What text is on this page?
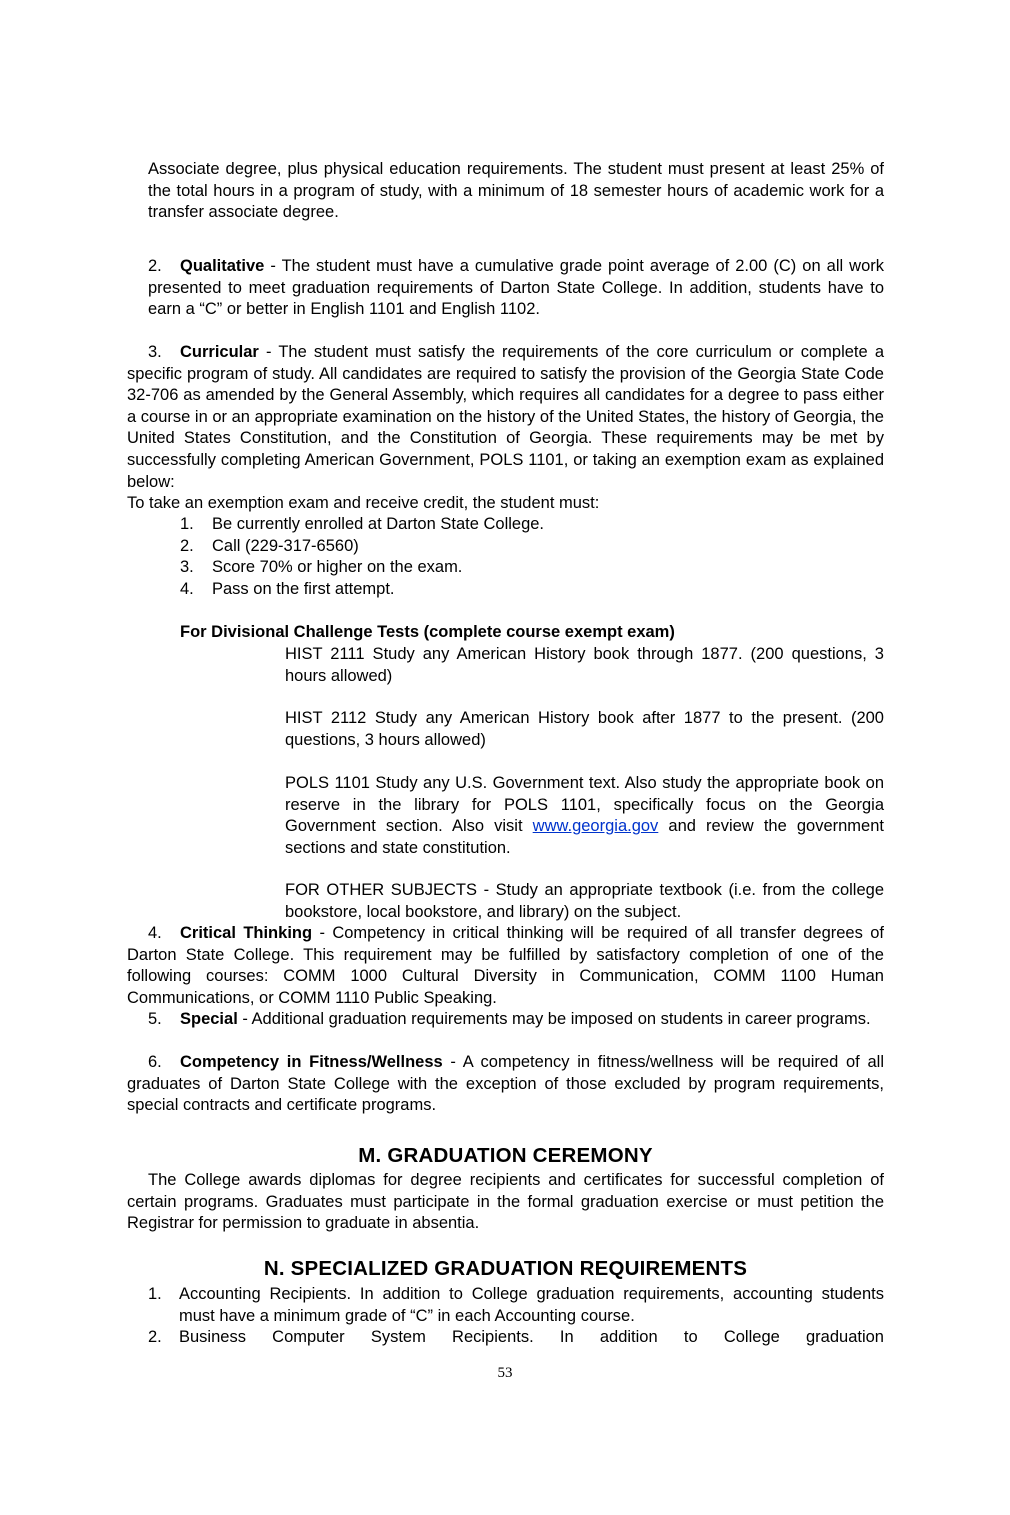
Associate degree, plus physical education requirements. The student must present at least 25% of the total hours in a program of study, with a minimum of 18 semester hours of academic work for a transfer associate degree.
2. Qualitative - The student must have a cumulative grade point average of 2.00 (C) on all work presented to meet graduation requirements of Darton State College. In addition, students have to earn a “C” or better in English 1101 and English 1102.
3. Curricular - The student must satisfy the requirements of the core curriculum or complete a specific program of study. All candidates are required to satisfy the provision of the Georgia State Code 32-706 as amended by the General Assembly, which requires all candidates for a degree to pass either a course in or an appropriate examination on the history of the United States, the history of Georgia, the United States Constitution, and the Constitution of Georgia. These requirements may be met by successfully completing American Government, POLS 1101, or taking an exemption exam as explained below:
To take an exemption exam and receive credit, the student must:
1. Be currently enrolled at Darton State College.
2. Call (229-317-6560)
3. Score 70% or higher on the exam.
4. Pass on the first attempt.
For Divisional Challenge Tests (complete course exempt exam)
HIST 2111 Study any American History book through 1877. (200 questions, 3 hours allowed)
HIST 2112 Study any American History book after 1877 to the present. (200 questions, 3 hours allowed)
POLS 1101 Study any U.S. Government text. Also study the appropriate book on reserve in the library for POLS 1101, specifically focus on the Georgia Government section. Also visit www.georgia.gov and review the government sections and state constitution.
FOR OTHER SUBJECTS - Study an appropriate textbook (i.e. from the college bookstore, local bookstore, and library) on the subject.
4. Critical Thinking - Competency in critical thinking will be required of all transfer degrees of Darton State College. This requirement may be fulfilled by satisfactory completion of one of the following courses: COMM 1000 Cultural Diversity in Communication, COMM 1100 Human Communications, or COMM 1110 Public Speaking.
5. Special - Additional graduation requirements may be imposed on students in career programs.
6. Competency in Fitness/Wellness - A competency in fitness/wellness will be required of all graduates of Darton State College with the exception of those excluded by program requirements, special contracts and certificate programs.
M. GRADUATION CEREMONY
The College awards diplomas for degree recipients and certificates for successful completion of certain programs. Graduates must participate in the formal graduation exercise or must petition the Registrar for permission to graduate in absentia.
N. SPECIALIZED GRADUATION REQUIREMENTS
1. Accounting Recipients. In addition to College graduation requirements, accounting students must have a minimum grade of “C” in each Accounting course.
2. Business Computer System Recipients. In addition to College graduation
53
